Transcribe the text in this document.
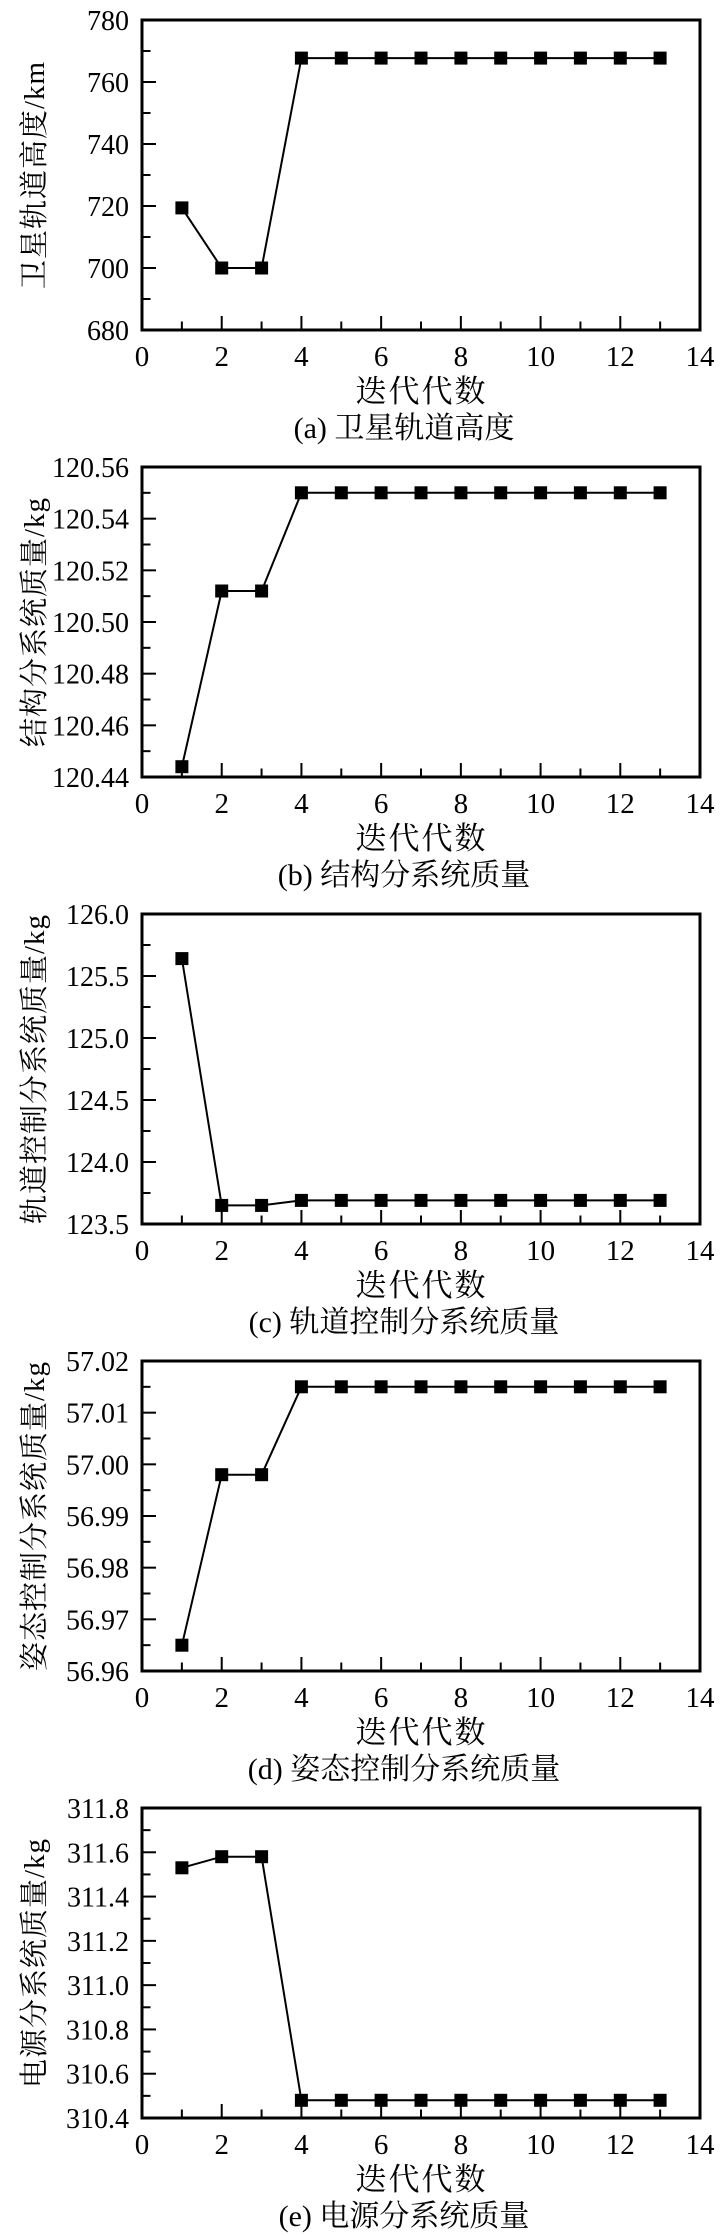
680
700
720
740
760
780
0 2 4 6 8 10 12 14
卫星轨道高度/km
迭代代数
(a) 卫星轨道高度
120.44
120.46
120.48
120.50
120.52
120.54
120.56
0 2 4 6 8 10 12 14
结构分系统质量/kg
迭代代数
(b) 结构分系统质量
123.5
124.0
124.5
125.0
125.5
126.0
0 2 4 6 8 10 12 14
轨道控制分系统质量/kg
迭代代数
(c) 轨道控制分系统质量
56.96
56.97
56.98
56.99
57.00
57.01
57.02
0 2 4 6 8 10 12 14
姿态控制分系统质量/kg
迭代代数
(d) 姿态控制分系统质量
310.4
310.6
310.8
311.0
311.2
311.4
311.6
311.8
0 2 4 6 8 10 12 14
电源分系统质量/kg
迭代代数
(e) 电源分系统质量
